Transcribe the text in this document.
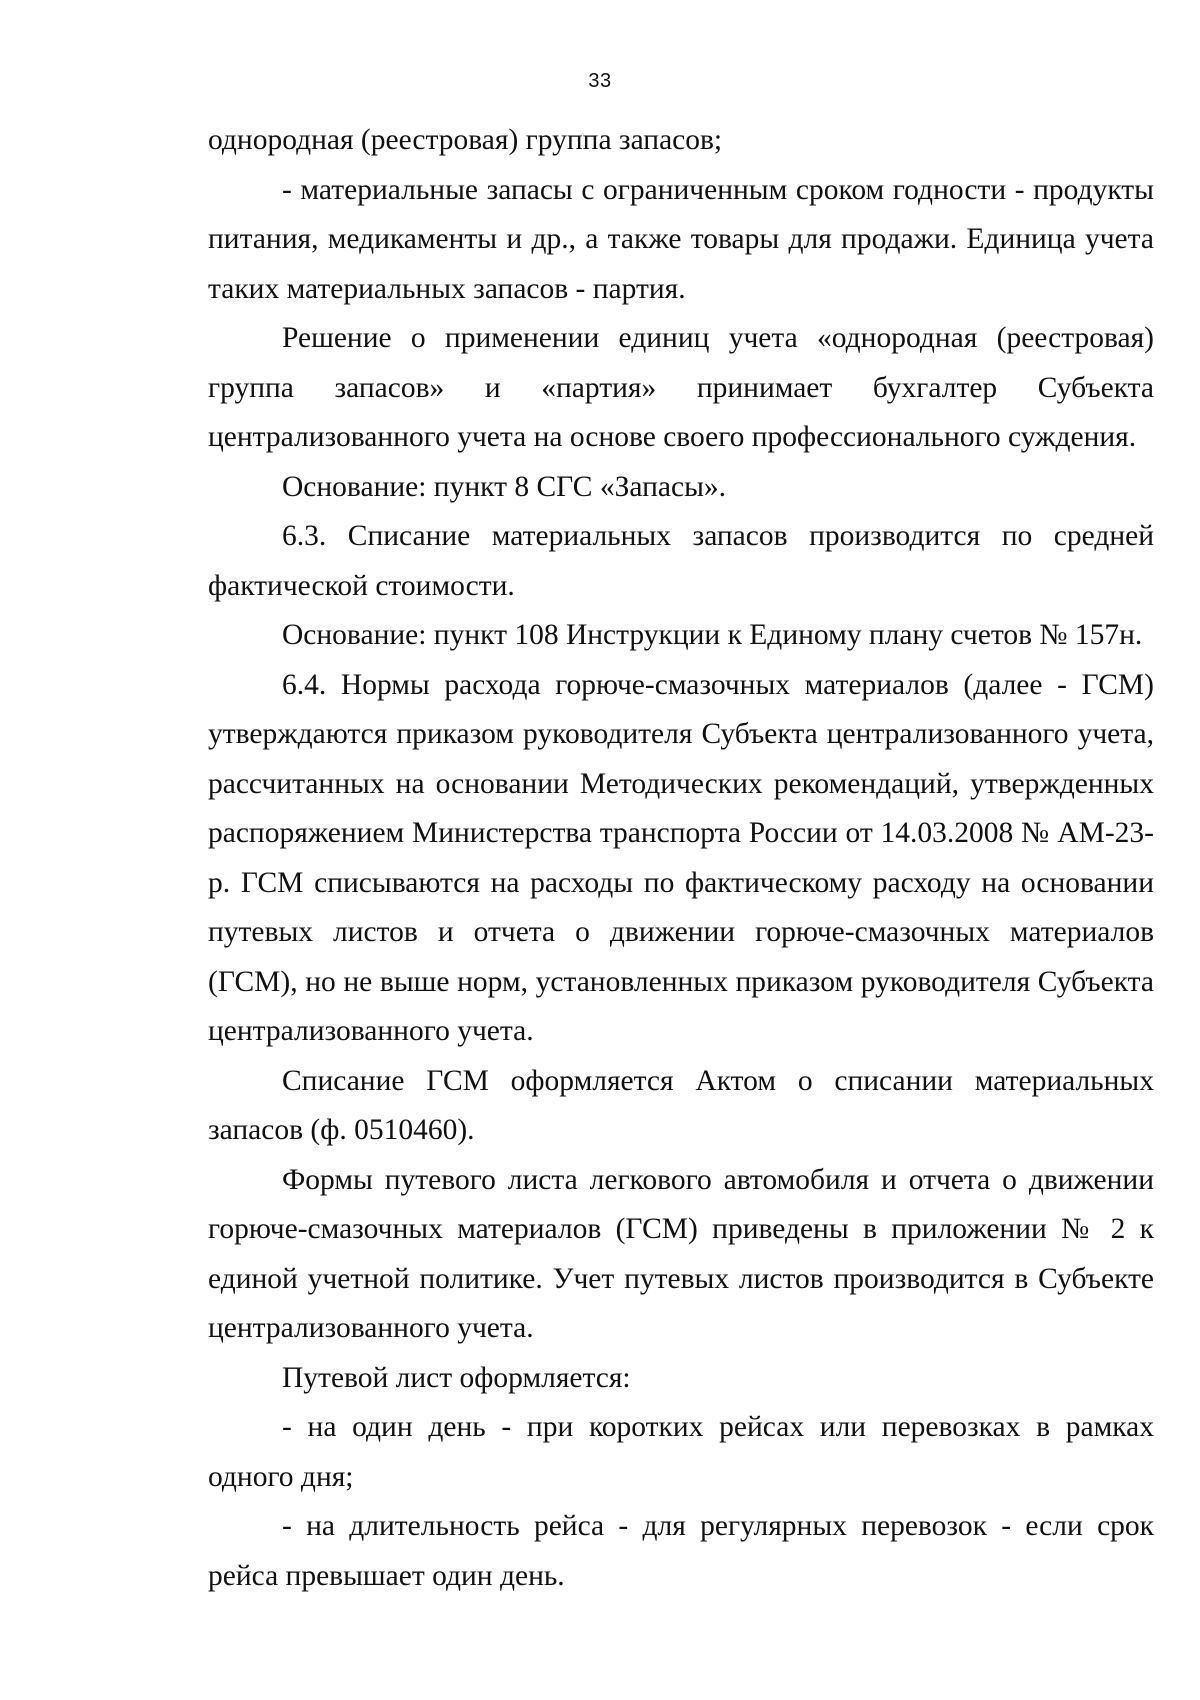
33

однородная (реестровая) группа запасов;

- материальные запасы с ограниченным сроком годности - продукты питания, медикаменты и др., а также товары для продажи. Единица учета таких материальных запасов - партия.

Решение о применении единиц учета «однородная (реестровая) группа запасов» и «партия» принимает бухгалтер Субъекта централизованного учета на основе своего профессионального суждения.

Основание: пункт 8 СГС «Запасы».

6.3. Списание материальных запасов производится по средней фактической стоимости.

Основание: пункт 108 Инструкции к Единому плану счетов № 157н.

6.4. Нормы расхода горюче-смазочных материалов (далее - ГСМ) утверждаются приказом руководителя Субъекта централизованного учета, рассчитанных на основании Методических рекомендаций, утвержденных распоряжением Министерства транспорта России от 14.03.2008 № АМ-23-р. ГСМ списываются на расходы по фактическому расходу на основании путевых листов и отчета о движении горюче-смазочных материалов (ГСМ), но не выше норм, установленных приказом руководителя Субъекта централизованного учета.

Списание ГСМ оформляется Актом о списании материальных запасов (ф. 0510460).

Формы путевого листа легкового автомобиля и отчета о движении горюче-смазочных материалов (ГСМ) приведены в приложении № 2 к единой учетной политике. Учет путевых листов производится в Субъекте централизованного учета.

Путевой лист оформляется:

- на один день - при коротких рейсах или перевозках в рамках одного дня;

- на длительность рейса - для регулярных перевозок - если срок рейса превышает один день.
